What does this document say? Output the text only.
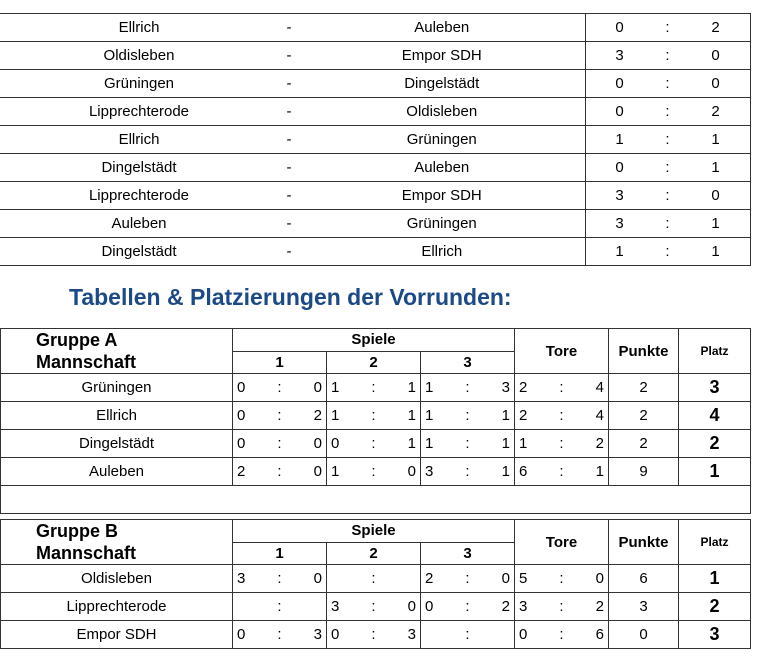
Ellrich	-	Auleben	0 : 2

Oldisleben	-	Empor SDH	3 : 0

Grüningen	-	Dingelstädt	0 : 0

Lipprechterode	-	Oldisleben	0 : 2

Ellrich	-	Grüningen	1 : 1

Dingelstädt	-	Auleben	0 : 1

Lipprechterode	-	Empor SDH	3 : 0

Auleben	-	Grüningen	3 : 1

Dingelstädt	-	Ellrich	1 : 1
Tabellen & Platzierungen der Vorrunden:
Gruppe A
Mannschaft	Spiele			Tore	Punkte	Platz
	1	2	3			
Grüningen	0 : 0	1 : 1	1 : 3	2 : 4	2	3
Ellrich	0 : 2	1 : 1	1 : 1	2 : 4	2	4
Dingelstädt	0 : 0	0 : 1	1 : 1	1 : 2	2	2
Auleben	2 : 0	1 : 0	3 : 1	6 : 1	9	1

Gruppe B
Mannschaft	Spiele			Tore	Punkte	Platz
	1	2	3			
Oldisleben	3 : 0	:	2 : 0	5 : 0	6	1
Lipprechterode	:	3 : 0	0 : 2	3 : 2	3	2
Empor SDH	0 : 3	0 : 3	:	0 : 6	0	3
